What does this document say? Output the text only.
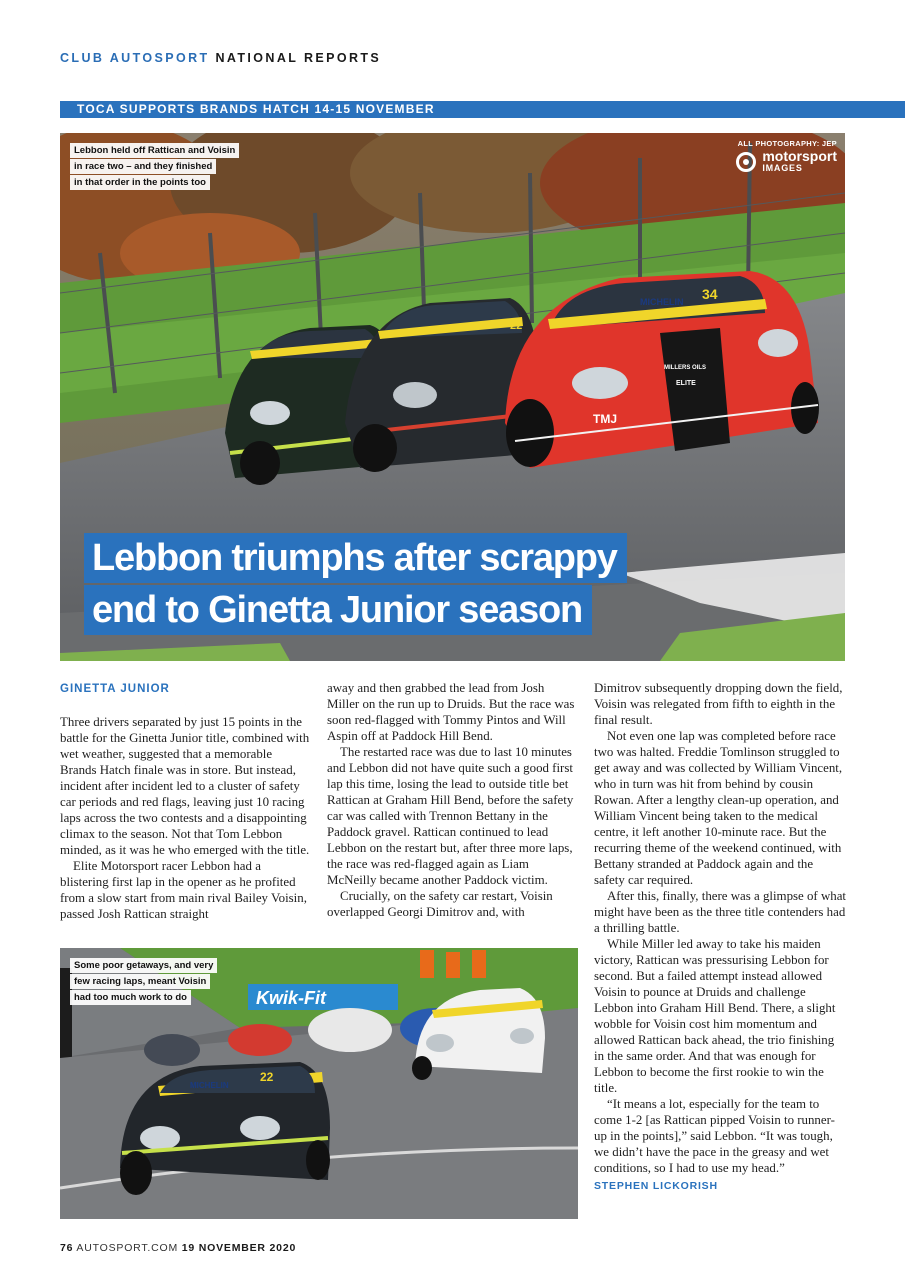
CLUB AUTOSPORT NATIONAL REPORTS
TOCA SUPPORTS BRANDS HATCH 14-15 NOVEMBER
34
22
MICHELIN
TMJ
MILLERS OILS
ELITE
Lebbon held off Rattican and Voisin
in race two – and they finished
in that order in the points too
ALL PHOTOGRAPHY: JEP
motorsport
IMAGES
Lebbon triumphs after scrappy
end to Ginetta Junior season
GINETTA JUNIOR

Three drivers separated by just 15 points in the battle for the Ginetta Junior title, combined with wet weather, suggested that a memorable Brands Hatch finale was in store. But instead, incident after incident led to a cluster of safety car periods and red flags, leaving just 10 racing laps across the two contests and a disappointing climax to the season. Not that Tom Lebbon minded, as it was he who emerged with the title.

Elite Motorsport racer Lebbon had a blistering first lap in the opener as he profited from a slow start from main rival Bailey Voisin, passed Josh Rattican straight

away and then grabbed the lead from Josh Miller on the run up to Druids. But the race was soon red-flagged with Tommy Pintos and Will Aspin off at Paddock Hill Bend.

The restarted race was due to last 10 minutes and Lebbon did not have quite such a good first lap this time, losing the lead to outside title bet Rattican at Graham Hill Bend, before the safety car was called with Trennon Bettany in the Paddock gravel. Rattican continued to lead Lebbon on the restart but, after three more laps, the race was red-flagged again as Liam McNeilly became another Paddock victim.

Crucially, on the safety car restart, Voisin overlapped Georgi Dimitrov and, with

Dimitrov subsequently dropping down the field, Voisin was relegated from fifth to eighth in the final result.

Not even one lap was completed before race two was halted. Freddie Tomlinson struggled to get away and was collected by William Vincent, who in turn was hit from behind by cousin Rowan. After a lengthy clean-up operation, and William Vincent being taken to the medical centre, it left another 10-minute race. But the recurring theme of the weekend continued, with Bettany stranded at Paddock again and the safety car required.

After this, finally, there was a glimpse of what might have been as the three title contenders had a thrilling battle.

While Miller led away to take his maiden victory, Rattican was pressurising Lebbon for second. But a failed attempt instead allowed Voisin to pounce at Druids and challenge Lebbon into Graham Hill Bend. There, a slight wobble for Voisin cost him momentum and allowed Rattican back ahead, the trio finishing in the same order. And that was enough for Lebbon to become the first rookie to win the title.

“It means a lot, especially for the team to come 1-2 [as Rattican pipped Voisin to runner-up in the points],” said Lebbon. “It was tough, we didn’t have the pace in the greasy and wet conditions, so I had to use my head.”

STEPHEN LICKORISH
Kwik-Fit
22
MICHELIN
Some poor getaways, and very
few racing laps, meant Voisin
had too much work to do
76 AUTOSPORT.COM 19 NOVEMBER 2020
